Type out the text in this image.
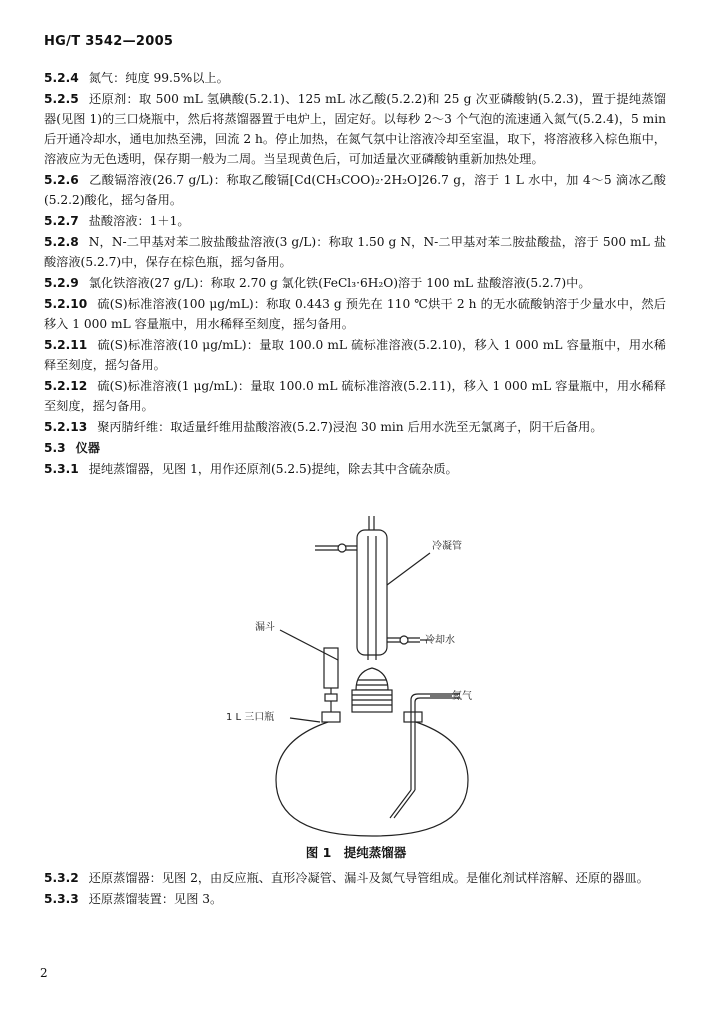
HG/T 3542—2005

5.2.4 氮气：纯度 99.5%以上。

5.2.5 还原剂：取 500 mL 氢碘酸(5.2.1)、125 mL 冰乙酸(5.2.2)和 25 g 次亚磷酸钠(5.2.3)，置于提纯蒸馏器(见图 1)的三口烧瓶中，然后将蒸馏器置于电炉上，固定好。以每秒 2～3 个气泡的流速通入氮气(5.2.4)，5 min 后开通冷却水，通电加热至沸，回流 2 h。停止加热，在氮气氛中让溶液冷却至室温，取下，将溶液移入棕色瓶中，溶液应为无色透明，保存期一般为二周。当呈现黄色后，可加适量次亚磷酸钠重新加热处理。

5.2.6 乙酸镉溶液(26.7 g/L)：称取乙酸镉[Cd(CH₃COO)₂·2H₂O]26.7 g，溶于 1 L 水中，加 4～5 滴冰乙酸(5.2.2)酸化，摇匀备用。

5.2.7 盐酸溶液：1＋1。

5.2.8 N，N-二甲基对苯二胺盐酸盐溶液(3 g/L)：称取 1.50 g N，N-二甲基对苯二胺盐酸盐，溶于 500 mL 盐酸溶液(5.2.7)中，保存在棕色瓶，摇匀备用。

5.2.9 氯化铁溶液(27 g/L)：称取 2.70 g 氯化铁(FeCl₃·6H₂O)溶于 100 mL 盐酸溶液(5.2.7)中。

5.2.10 硫(S)标准溶液(100 μg/mL)：称取 0.443 g 预先在 110 ℃烘干 2 h 的无水硫酸钠溶于少量水中，然后移入 1 000 mL 容量瓶中，用水稀释至刻度，摇匀备用。

5.2.11 硫(S)标准溶液(10 μg/mL)：量取 100.0 mL 硫标准溶液(5.2.10)，移入 1 000 mL 容量瓶中，用水稀释至刻度，摇匀备用。

5.2.12 硫(S)标准溶液(1 μg/mL)：量取 100.0 mL 硫标准溶液(5.2.11)，移入 1 000 mL 容量瓶中，用水稀释至刻度，摇匀备用。

5.2.13 聚丙腈纤维：取适量纤维用盐酸溶液(5.2.7)浸泡 30 min 后用水洗至无氯离子，阴干后备用。

5.3 仪器

5.3.1 提纯蒸馏器，见图 1，用作还原剂(5.2.5)提纯，除去其中含硫杂质。

冷凝管
漏斗
冷却水
氮气
1 L 三口瓶
图 1　提纯蒸馏器

5.3.2 还原蒸馏器：见图 2，由反应瓶、直形冷凝管、漏斗及氮气导管组成。是催化剂试样溶解、还原的器皿。

5.3.3 还原蒸馏装置：见图 3。

2
